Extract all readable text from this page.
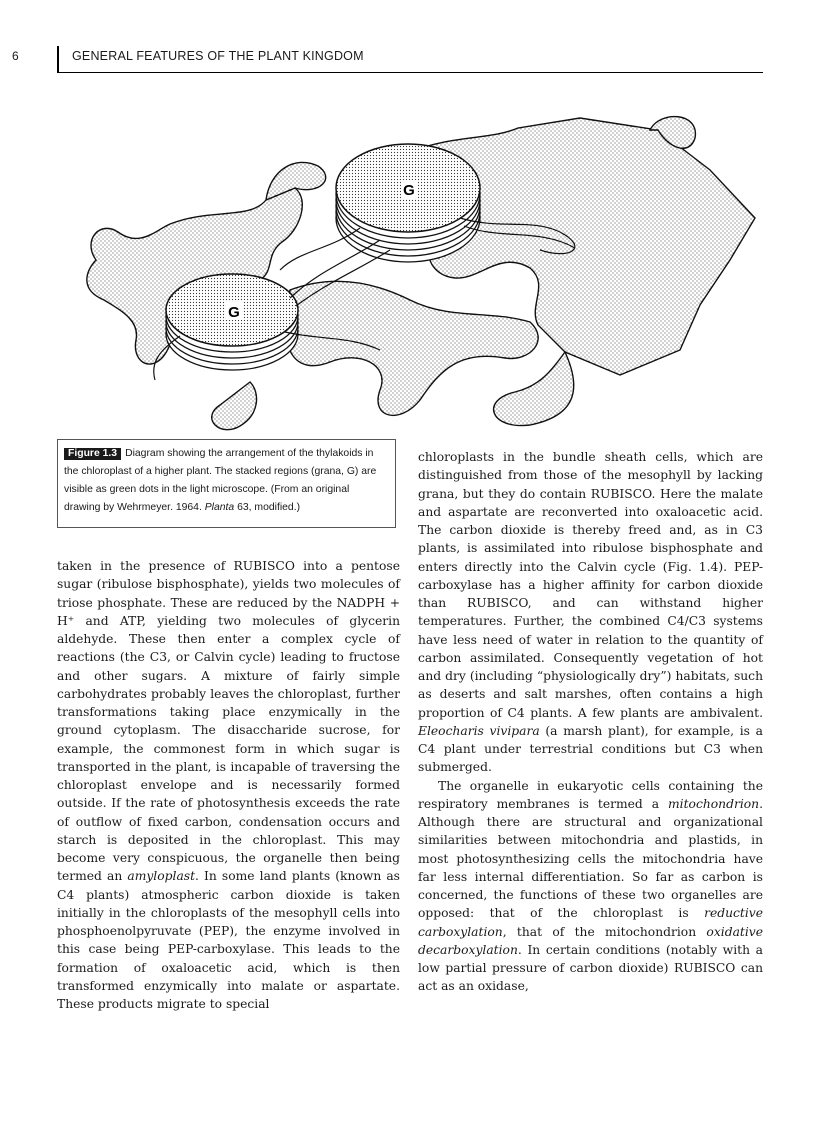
6	GENERAL FEATURES OF THE PLANT KINGDOM
G
G
Figure 1.3 Diagram showing the arrangement of the thylakoids in the chloroplast of a higher plant. The stacked regions (grana, G) are visible as green dots in the light microscope. (From an original drawing by Wehrmeyer. 1964. Planta 63, modified.)

taken in the presence of RUBISCO into a pentose sugar (ribulose bisphosphate), yields two molecules of triose phosphate. These are reduced by the NADPH + H⁺ and ATP, yielding two molecules of glycerin aldehyde. These then enter a complex cycle of reactions (the C3, or Calvin cycle) leading to fructose and other sugars. A mixture of fairly simple carbohydrates probably leaves the chloroplast, further transformations taking place enzymically in the ground cytoplasm. The disaccharide sucrose, for example, the commonest form in which sugar is transported in the plant, is incapable of traversing the chloroplast envelope and is necessarily formed outside. If the rate of photosynthesis exceeds the rate of outflow of fixed carbon, condensation occurs and starch is deposited in the chloroplast. This may become very conspicuous, the organelle then being termed an amyloplast. In some land plants (known as C4 plants) atmospheric carbon dioxide is taken initially in the chloroplasts of the mesophyll cells into phosphoenolpyruvate (PEP), the enzyme involved in this case being PEP-carboxylase. This leads to the formation of oxaloacetic acid, which is then transformed enzymically into malate or aspartate. These products migrate to special

chloroplasts in the bundle sheath cells, which are distinguished from those of the mesophyll by lacking grana, but they do contain RUBISCO. Here the malate and aspartate are reconverted into oxaloacetic acid. The carbon dioxide is thereby freed and, as in C3 plants, is assimilated into ribulose bisphosphate and enters directly into the Calvin cycle (Fig. 1.4). PEP-carboxylase has a higher affinity for carbon dioxide than RUBISCO, and can withstand higher temperatures. Further, the combined C4/C3 systems have less need of water in relation to the quantity of carbon assimilated. Consequently vegetation of hot and dry (including “physiologically dry”) habitats, such as deserts and salt marshes, often contains a high proportion of C4 plants. A few plants are ambivalent. Eleocharis vivipara (a marsh plant), for example, is a C4 plant under terrestrial conditions but C3 when submerged.

The organelle in eukaryotic cells containing the respiratory membranes is termed a mitochondrion. Although there are structural and organizational similarities between mitochondria and plastids, in most photosynthesizing cells the mitochondria have far less internal differentiation. So far as carbon is concerned, the functions of these two organelles are opposed: that of the chloroplast is reductive carboxylation, that of the mitochondrion oxidative decarboxylation. In certain conditions (notably with a low partial pressure of carbon dioxide) RUBISCO can act as an oxidase,
